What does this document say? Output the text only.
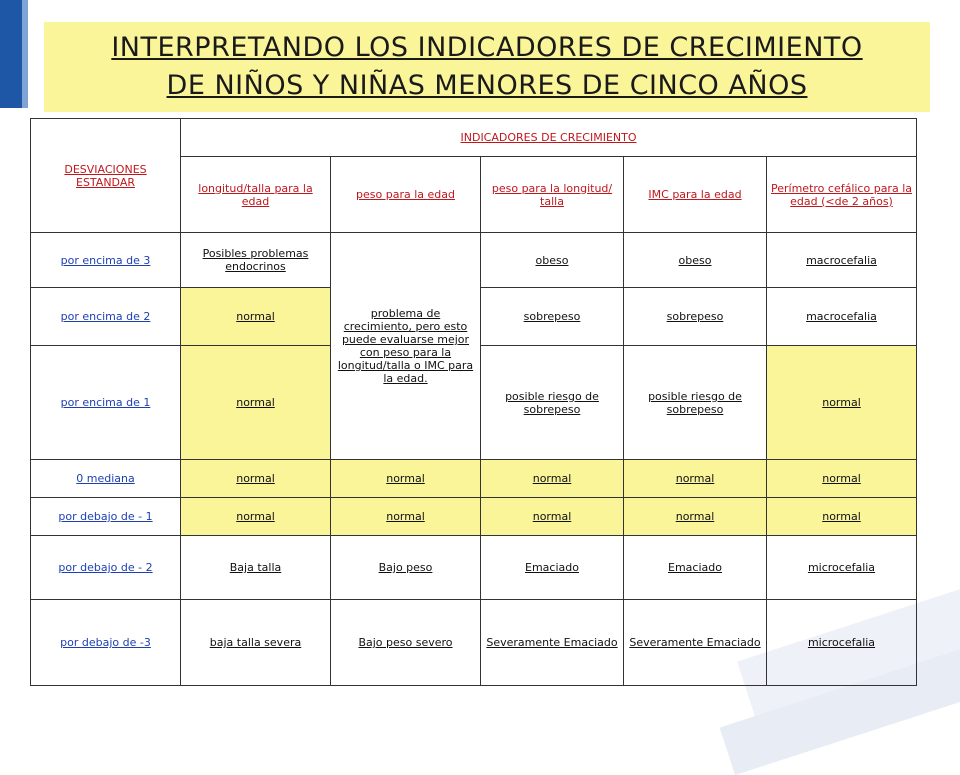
INTERPRETANDO LOS INDICADORES DE CRECIMIENTO
DE NIÑOS Y NIÑAS MENORES DE CINCO AÑOS
DESVIACIONES ESTANDAR	INDICADORES DE CRECIMIENTO				
	longitud/talla para la edad	peso para la edad	peso para la longitud/ talla	IMC para la edad	Perímetro cefálico para la edad (<de 2 años)
por encima de 3	Posibles problemas endocrinos	problema de crecimiento, pero esto puede evaluarse mejor con peso para la longitud/talla o IMC para la edad.	obeso	obeso	macrocefalia
por encima de 2	normal		sobrepeso	sobrepeso	macrocefalia
por encima de 1	normal		posible riesgo de sobrepeso	posible riesgo de sobrepeso	normal
0 mediana	normal	normal	normal	normal	normal
por debajo de - 1	normal	normal	normal	normal	normal
por debajo de - 2	Baja talla	Bajo peso	Emaciado	Emaciado	microcefalia
por debajo de -3	baja talla severa	Bajo peso severo	Severamente Emaciado	Severamente Emaciado	microcefalia
